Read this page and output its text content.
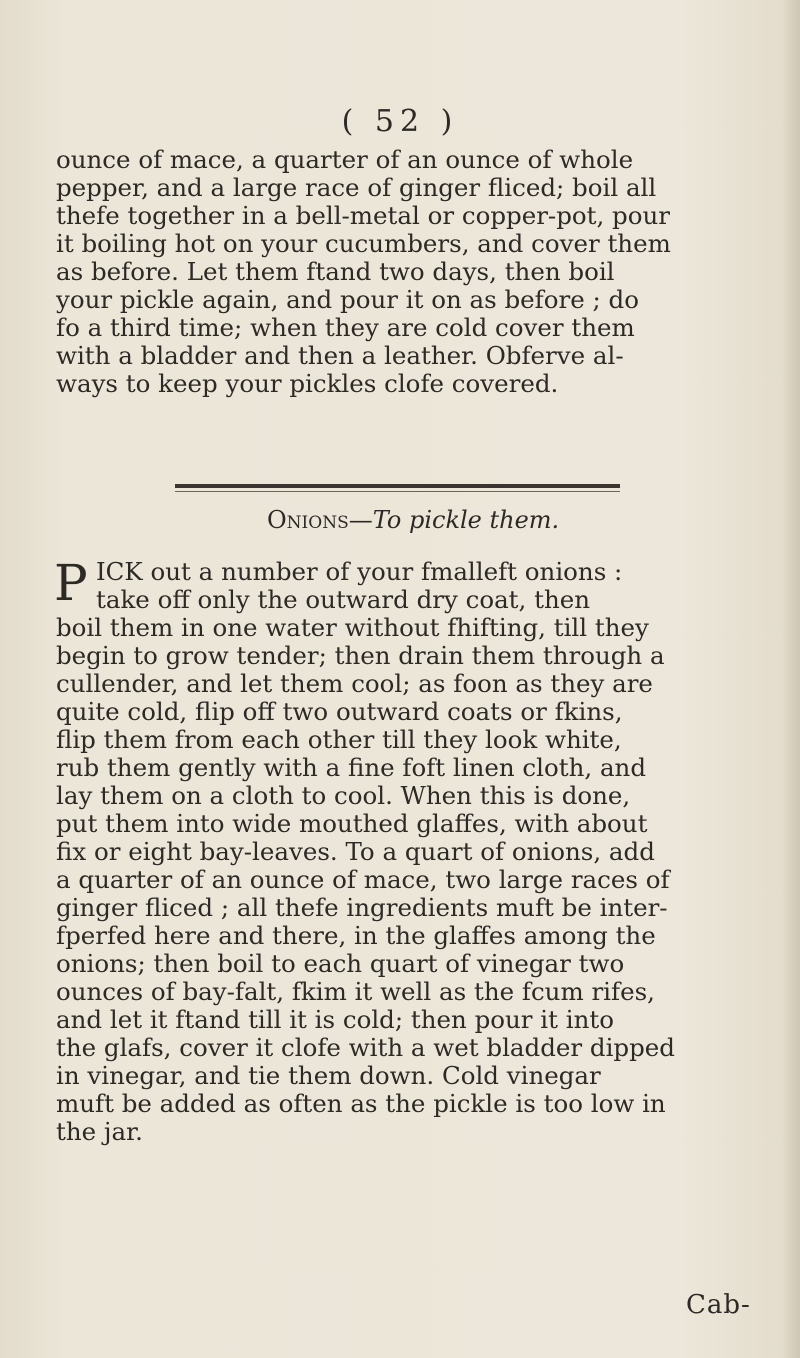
( 52 )
ounce of mace, a quarter of an ounce of whole
pepper, and a large race of ginger fliced; boil all
thefe together in a bell-metal or copper-pot, pour
it boiling hot on your cucumbers, and cover them
as before. Let them ftand two days, then boil
your pickle again, and pour it on as before ; do
fo a third time; when they are cold cover them
with a bladder and then a leather. Obferve al-
ways to keep your pickles clofe covered.
Onions—To pickle them.
P ICK out a number of your fmalleft onions :
take off only the outward dry coat, then
boil them in one water without fhifting, till they
begin to grow tender; then drain them through a
cullender, and let them cool; as foon as they are
quite cold, flip off two outward coats or fkins,
flip them from each other till they look white,
rub them gently with a fine foft linen cloth, and
lay them on a cloth to cool. When this is done,
put them into wide mouthed glaffes, with about
fix or eight bay-leaves. To a quart of onions, add
a quarter of an ounce of mace, two large races of
ginger fliced ; all thefe ingredients muft be inter-
fperfed here and there, in the glaffes among the
onions; then boil to each quart of vinegar two
ounces of bay-falt, fkim it well as the fcum rifes,
and let it ftand till it is cold; then pour it into
the glafs, cover it clofe with a wet bladder dipped
in vinegar, and tie them down. Cold vinegar
muft be added as often as the pickle is too low in
the jar.
Cab-
